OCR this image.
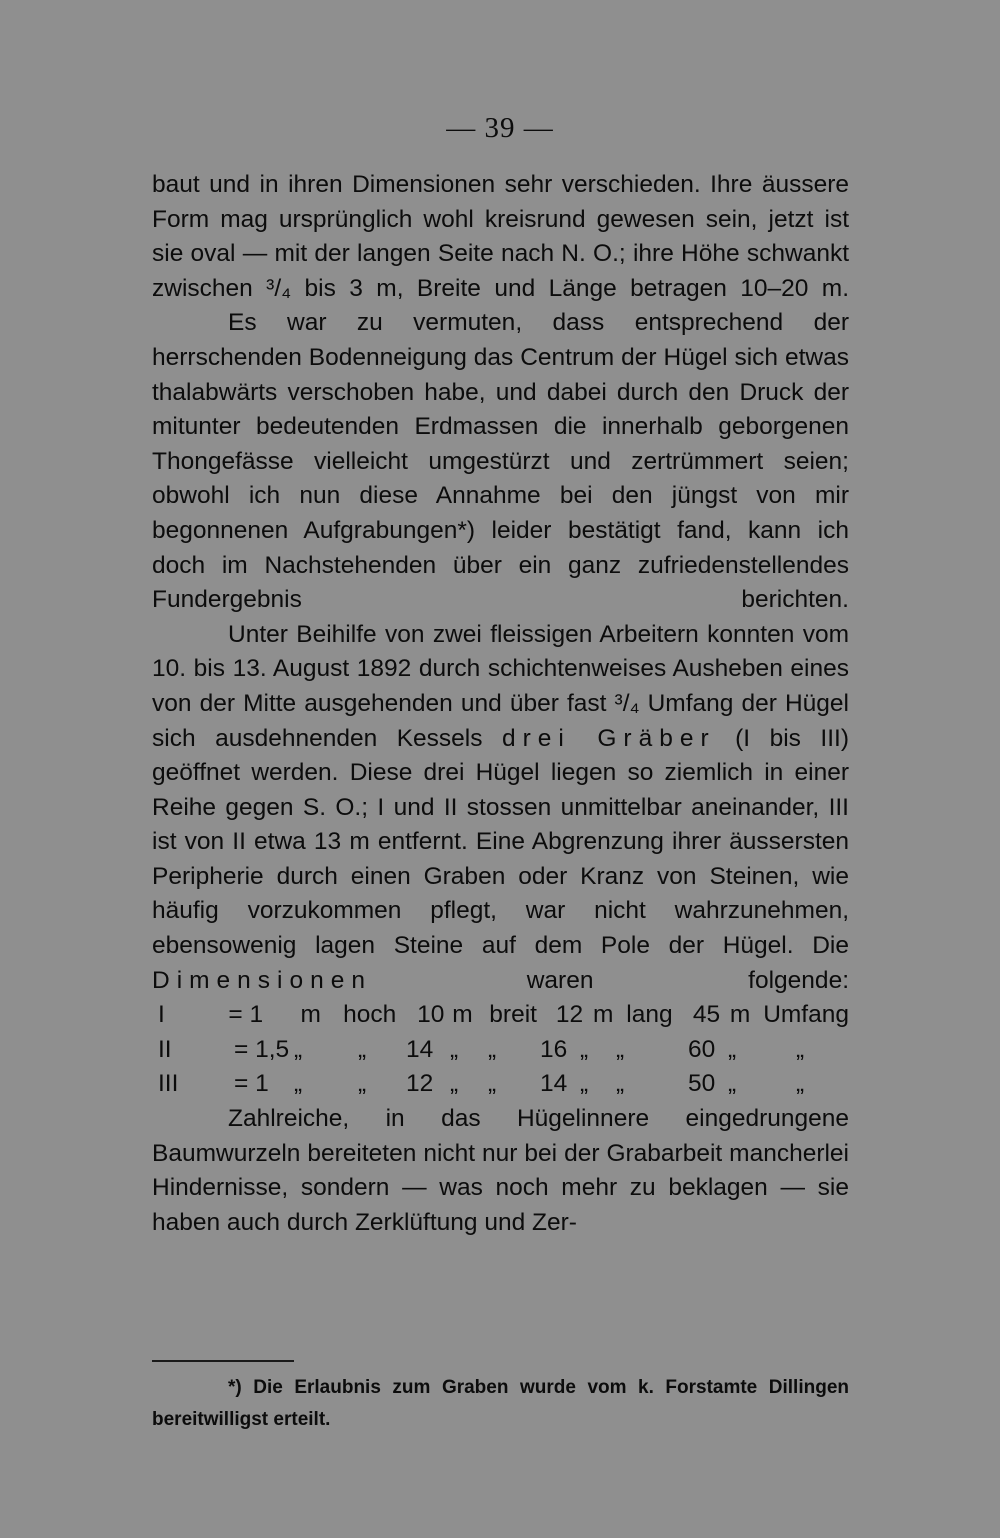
— 39 —

baut und in ihren Dimensionen sehr verschieden. Ihre äussere Form mag ursprünglich wohl kreisrund gewesen sein, jetzt ist sie oval — mit der langen Seite nach N. O.; ihre Höhe schwankt zwischen ³/₄ bis 3 m, Breite und Länge betragen 10–20 m.

Es war zu vermuten, dass entsprechend der herrschenden Bodenneigung das Centrum der Hügel sich etwas thalabwärts verschoben habe, und dabei durch den Druck der mitunter bedeutenden Erdmassen die innerhalb geborgenen Thongefässe vielleicht umgestürzt und zertrümmert seien; obwohl ich nun diese Annahme bei den jüngst von mir begonnenen Aufgrabungen*) leider bestätigt fand, kann ich doch im Nachstehenden über ein ganz zufriedenstellendes Fundergebnis berichten.

Unter Beihilfe von zwei fleissigen Arbeitern konnten vom 10. bis 13. August 1892 durch schichtenweises Ausheben eines von der Mitte ausgehenden und über fast ³/₄ Umfang der Hügel sich ausdehnenden Kessels drei Gräber (I bis III) geöffnet werden. Diese drei Hügel liegen so ziemlich in einer Reihe gegen S. O.; I und II stossen unmittelbar aneinander, III ist von II etwa 13 m entfernt. Eine Abgrenzung ihrer äussersten Peripherie durch einen Graben oder Kranz von Steinen, wie häufig vorzukommen pflegt, war nicht wahrzunehmen, ebensowenig lagen Steine auf dem Pole der Hügel. Die Dimensionen	waren folgende:

I	= 1	m hoch 10 m breit 12 m lang 45 m Umfang
II	= 1,5 „	„	14 „	„	16 „	„	60 „	„
III	= 1	„	„	12 „	„	14 „	„	50 „	„

Zahlreiche, in das Hügelinnere eingedrungene Baumwurzeln bereiteten nicht nur bei der Grabarbeit mancherlei Hindernisse, sondern — was noch mehr zu beklagen — sie haben auch durch Zerklüftung und Zer-

*) Die Erlaubnis zum Graben wurde vom k. Forstamte Dillingen bereitwilligst erteilt.
